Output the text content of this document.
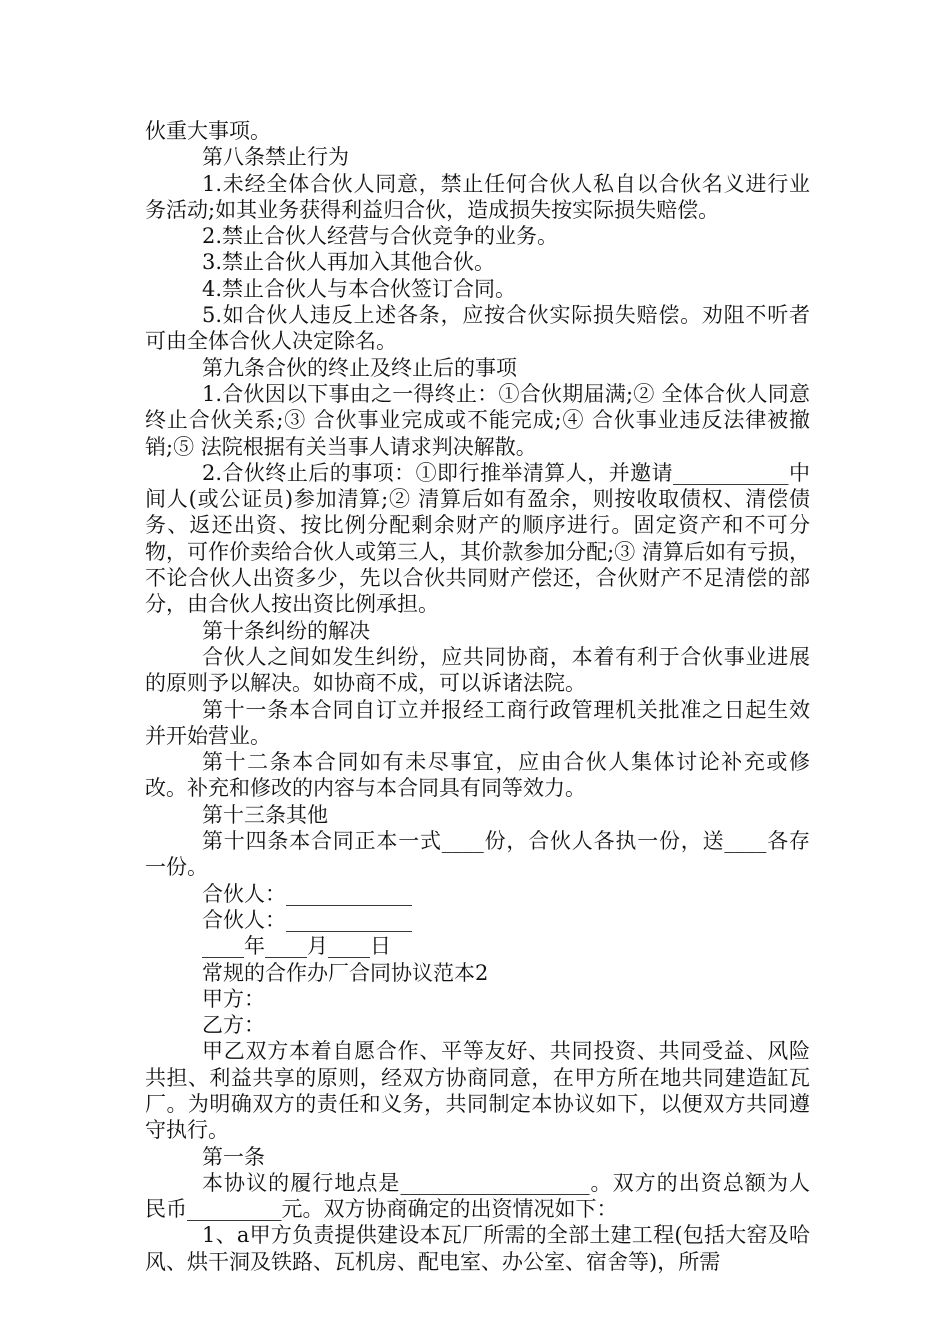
伙重大事项。

第八条禁止行为

1.未经全体合伙人同意，禁止任何合伙人私自以合伙名义进行业务活动;如其业务获得利益归合伙，造成损失按实际损失赔偿。

2.禁止合伙人经营与合伙竞争的业务。

3.禁止合伙人再加入其他合伙。

4.禁止合伙人与本合伙签订合同。

5.如合伙人违反上述各条，应按合伙实际损失赔偿。劝阻不听者可由全体合伙人决定除名。

第九条合伙的终止及终止后的事项

1.合伙因以下事由之一得终止：①合伙期届满;② 全体合伙人同意终止合伙关系;③ 合伙事业完成或不能完成;④ 合伙事业违反法律被撤销;⑤ 法院根据有关当事人请求判决解散。

2.合伙终止后的事项：①即行推举清算人，并邀请___________中间人(或公证员)参加清算;② 清算后如有盈余，则按收取债权、清偿债务、返还出资、按比例分配剩余财产的顺序进行。固定资产和不可分物，可作价卖给合伙人或第三人，其价款参加分配;③ 清算后如有亏损，不论合伙人出资多少，先以合伙共同财产偿还，合伙财产不足清偿的部分，由合伙人按出资比例承担。

第十条纠纷的解决

合伙人之间如发生纠纷，应共同协商，本着有利于合伙事业进展的原则予以解决。如协商不成，可以诉诸法院。

第十一条本合同自订立并报经工商行政管理机关批准之日起生效并开始营业。

第十二条本合同如有未尽事宜，应由合伙人集体讨论补充或修改。补充和修改的内容与本合同具有同等效力。

第十三条其他

第十四条本合同正本一式____份，合伙人各执一份，送____各存一份。

合伙人：____________

合伙人：____________

____年____月____日

常规的合作办厂合同协议范本2

甲方：

乙方：

甲乙双方本着自愿合作、平等友好、共同投资、共同受益、风险共担、利益共享的原则，经双方协商同意，在甲方所在地共同建造缸瓦厂。为明确双方的责任和义务，共同制定本协议如下，以便双方共同遵守执行。

第一条

本协议的履行地点是__________________。双方的出资总额为人民币_________元。双方协商确定的出资情况如下：

1、a甲方负责提供建设本瓦厂所需的全部土建工程(包括大窑及哈风、烘干洞及铁路、瓦机房、配电室、办公室、宿舍等)，所需
